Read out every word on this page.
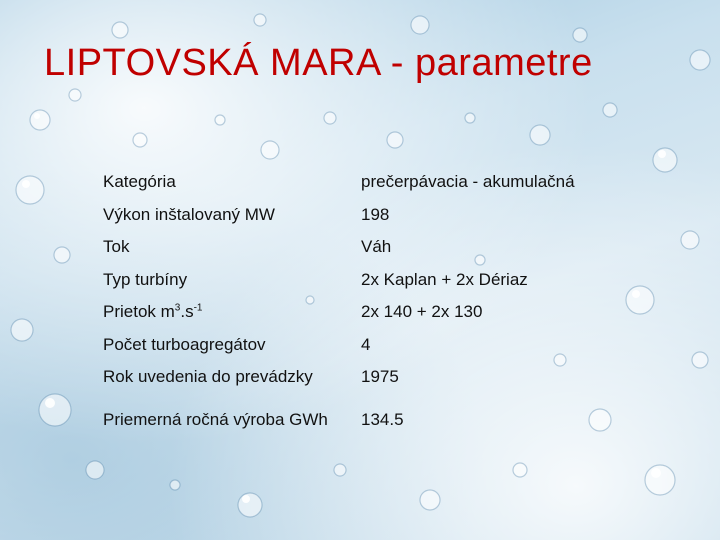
LIPTOVSKÁ MARA - parametre
Kategória	prečerpávacia - akumulačná
Výkon inštalovaný MW	198
Tok	Váh
Typ turbíny	2x Kaplan + 2x Dériaz
Prietok $m^3.s^{-1}$	2x 140 + 2x 130
Počet turboagregátov	4
Rok uvedenia do prevádzky	1975
Priemerná ročná výroba GWh	134.5
